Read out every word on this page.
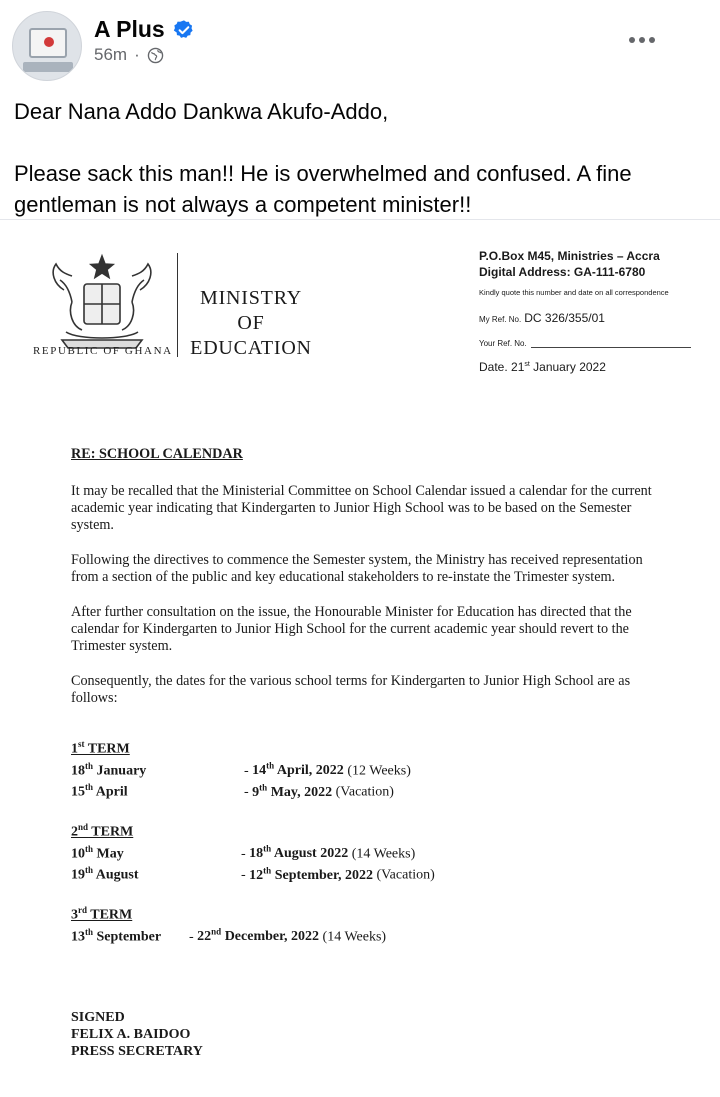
A Plus
56m ·

Dear Nana Addo Dankwa Akufo-Addo,

Please sack this man!! He is overwhelmed and confused. A fine gentleman is not always a competent minister!!

REPUBLIC OF GHANA
MINISTRY
OF
EDUCATION
P.O.Box M45, Ministries – Accra
Digital Address: GA-111-6780
Kindly quote this number and date on all correspondence
My Ref. No. DC 326/355/01
Your Ref. No.
Date. 21st January 2022
RE: SCHOOL CALENDAR
It may be recalled that the Ministerial Committee on School Calendar issued a calendar for the current academic year indicating that Kindergarten to Junior High School was to be based on the Semester system.
Following the directives to commence the Semester system, the Ministry has received representation from a section of the public and key educational stakeholders to re-instate the Trimester system.
After further consultation on the issue, the Honourable Minister for Education has directed that the calendar for Kindergarten to Junior High School for the current academic year should revert to the Trimester system.
Consequently, the dates for the various school terms for Kindergarten to Junior High School are as follows:
1st TERM
18th January	- 14th April, 2022 (12 Weeks)
15th April	- 9th May, 2022 (Vacation)
2nd TERM
10th May	- 18th August 2022 (14 Weeks)
19th August	- 12th September, 2022 (Vacation)
3rd TERM
13th September	- 22nd December, 2022 (14 Weeks)
SIGNED
FELIX A. BAIDOO
PRESS SECRETARY
